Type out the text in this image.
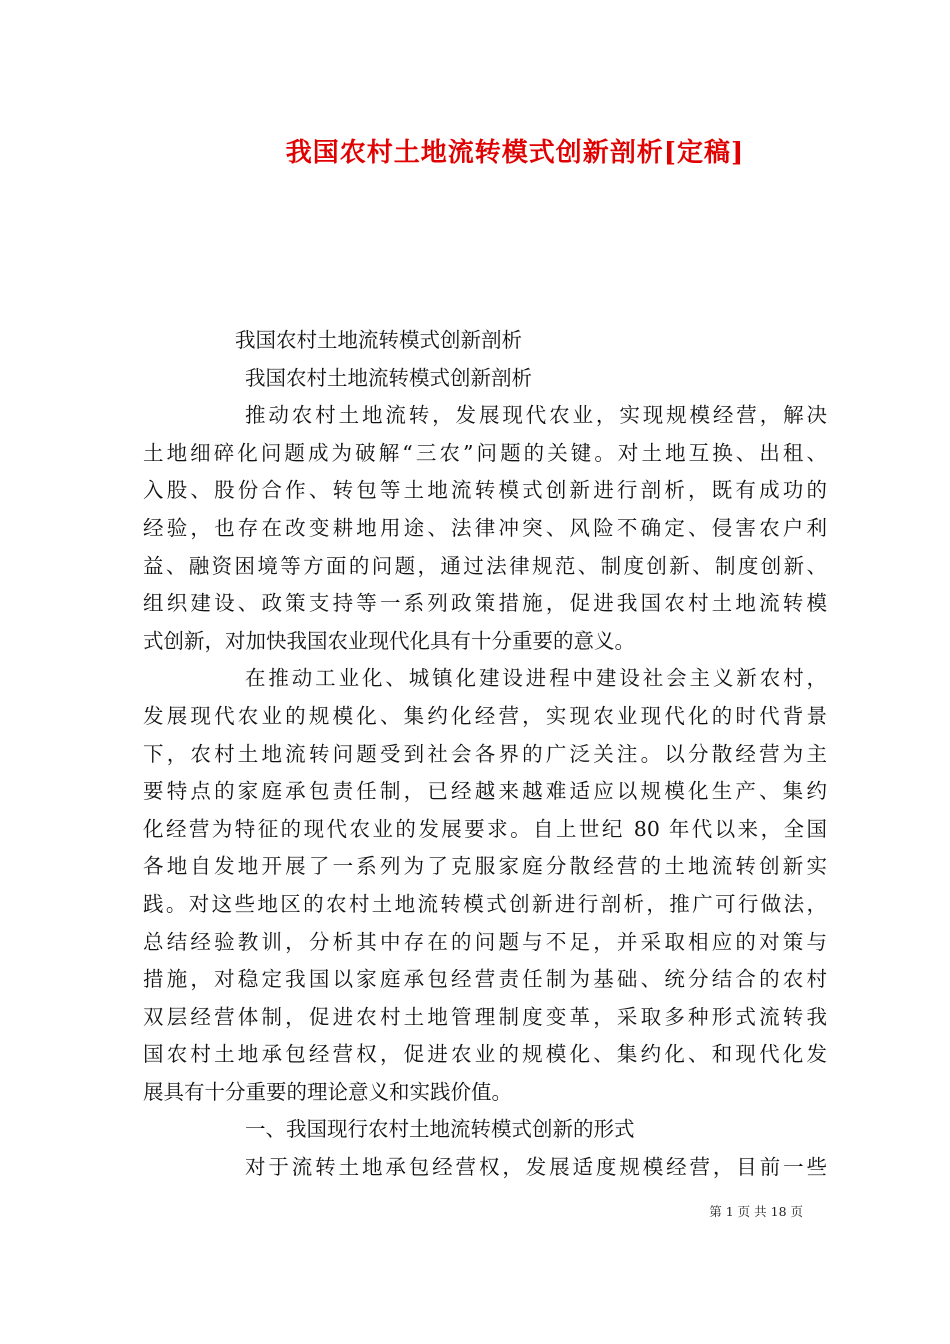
我国农村土地流转模式创新剖析[定稿]
我国农村土地流转模式创新剖析
我国农村土地流转模式创新剖析
推动农村土地流转，发展现代农业，实现规模经营，解决
土地细碎化问题成为破解“三农”问题的关键。对土地互换、出租、
入股、股份合作、转包等土地流转模式创新进行剖析，既有成功的
经验，也存在改变耕地用途、法律冲突、风险不确定、侵害农户利
益、融资困境等方面的问题，通过法律规范、制度创新、制度创新、
组织建设、政策支持等一系列政策措施，促进我国农村土地流转模
式创新，对加快我国农业现代化具有十分重要的意义。
在推动工业化、城镇化建设进程中建设社会主义新农村，
发展现代农业的规模化、集约化经营，实现农业现代化的时代背景
下，农村土地流转问题受到社会各界的广泛关注。以分散经营为主
要特点的家庭承包责任制，已经越来越难适应以规模化生产、集约
化经营为特征的现代农业的发展要求。自上世纪 80 年代以来，全国
各地自发地开展了一系列为了克服家庭分散经营的土地流转创新实
践。对这些地区的农村土地流转模式创新进行剖析，推广可行做法，
总结经验教训，分析其中存在的问题与不足，并采取相应的对策与
措施，对稳定我国以家庭承包经营责任制为基础、统分结合的农村
双层经营体制，促进农村土地管理制度变革，采取多种形式流转我
国农村土地承包经营权，促进农业的规模化、集约化、和现代化发
展具有十分重要的理论意义和实践价值。
一、我国现行农村土地流转模式创新的形式
对于流转土地承包经营权，发展适度规模经营，目前一些
第 1 页 共 18 页
